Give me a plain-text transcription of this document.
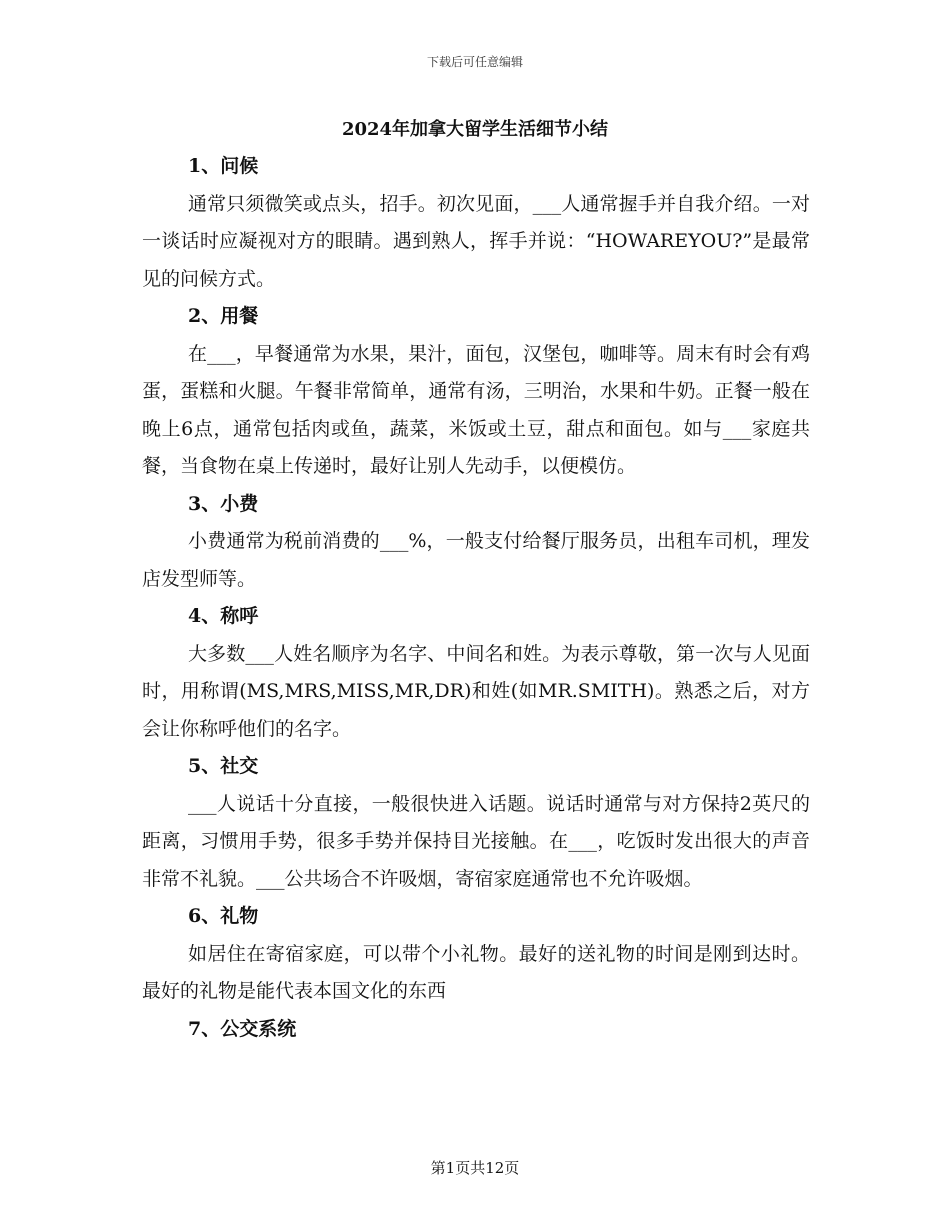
下载后可任意编辑
2024年加拿大留学生活细节小结
1、问候

通常只须微笑或点头，招手。初次见面，___人通常握手并自我介绍。一对一谈话时应凝视对方的眼睛。遇到熟人，挥手并说：“HOWAREYOU?”是最常见的问候方式。

2、用餐

在___，早餐通常为水果，果汁，面包，汉堡包，咖啡等。周末有时会有鸡蛋，蛋糕和火腿。午餐非常简单，通常有汤，三明治，水果和牛奶。正餐一般在晚上6点，通常包括肉或鱼，蔬菜，米饭或土豆，甜点和面包。如与___家庭共餐，当食物在桌上传递时，最好让别人先动手，以便模仿。

3、小费

小费通常为税前消费的___%，一般支付给餐厅服务员，出租车司机，理发店发型师等。

4、称呼

大多数___人姓名顺序为名字、中间名和姓。为表示尊敬，第一次与人见面时，用称谓(MS,MRS,MISS,MR,DR)和姓(如MR.SMITH)。熟悉之后，对方会让你称呼他们的名字。

5、社交

___人说话十分直接，一般很快进入话题。说话时通常与对方保持2英尺的距离，习惯用手势，很多手势并保持目光接触。在___，吃饭时发出很大的声音非常不礼貌。___公共场合不许吸烟，寄宿家庭通常也不允许吸烟。

6、礼物

如居住在寄宿家庭，可以带个小礼物。最好的送礼物的时间是刚到达时。最好的礼物是能代表本国文化的东西

7、公交系统
第1页共12页
